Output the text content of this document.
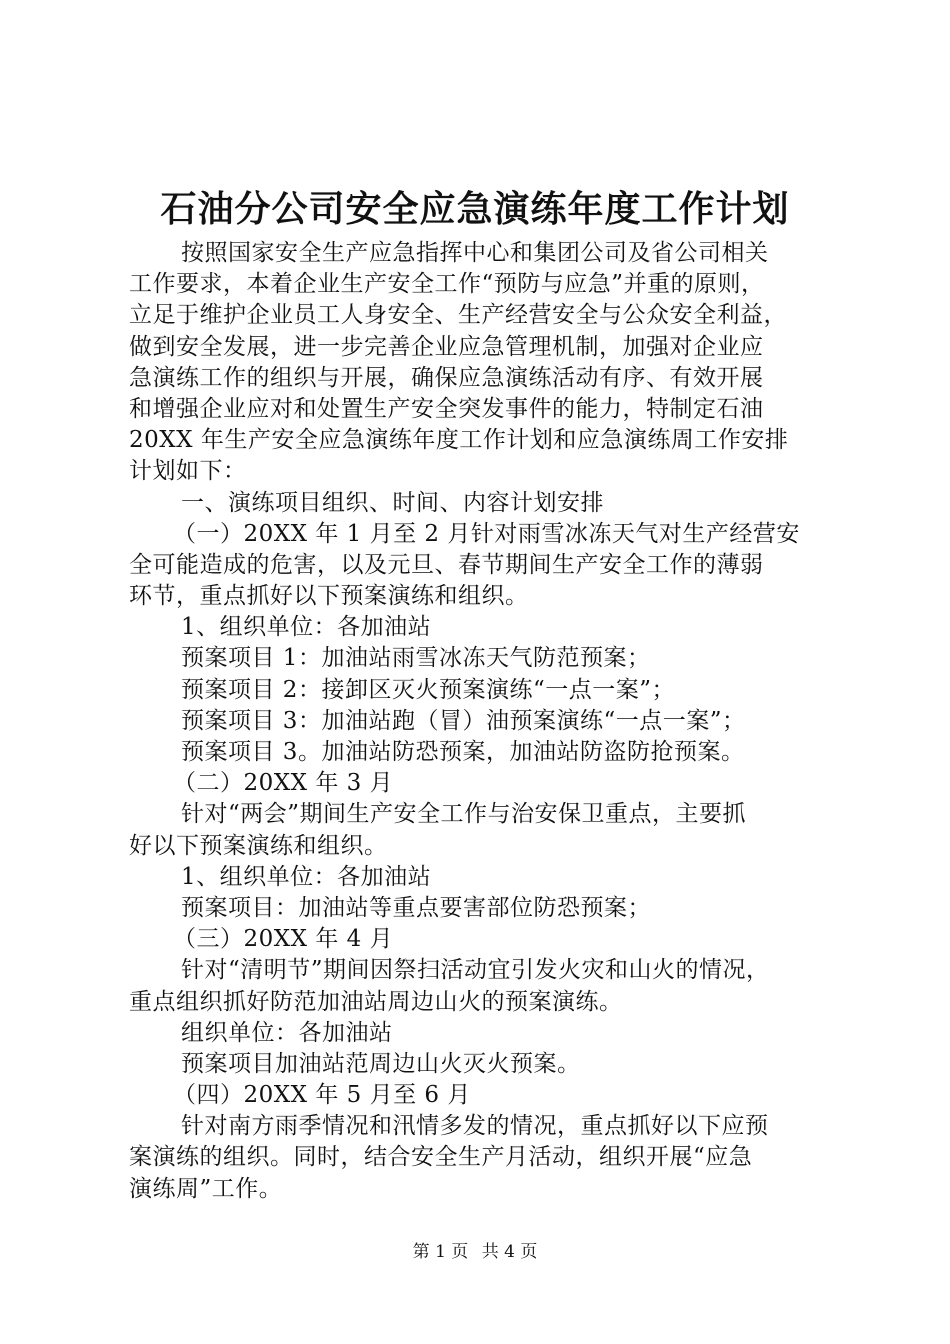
石油分公司安全应急演练年度工作计划
按照国家安全生产应急指挥中心和集团公司及省公司相关
工作要求，本着企业生产安全工作“预防与应急”并重的原则，
立足于维护企业员工人身安全、生产经营安全与公众安全利益，
做到安全发展，进一步完善企业应急管理机制，加强对企业应
急演练工作的组织与开展，确保应急演练活动有序、有效开展
和增强企业应对和处置生产安全突发事件的能力，特制定石油
20XX 年生产安全应急演练年度工作计划和应急演练周工作安排
计划如下：
一、演练项目组织、时间、内容计划安排
（一）20XX 年 1 月至 2 月针对雨雪冰冻天气对生产经营安
全可能造成的危害，以及元旦、春节期间生产安全工作的薄弱
环节，重点抓好以下预案演练和组织。
1、组织单位：各加油站
预案项目 1：加油站雨雪冰冻天气防范预案；
预案项目 2：接卸区灭火预案演练“一点一案”；
预案项目 3：加油站跑（冒）油预案演练“一点一案”；
预案项目 3。加油站防恐预案，加油站防盗防抢预案。
（二）20XX 年 3 月
针对“两会”期间生产安全工作与治安保卫重点，主要抓
好以下预案演练和组织。
1、组织单位：各加油站
预案项目：加油站等重点要害部位防恐预案；
（三）20XX 年 4 月
针对“清明节”期间因祭扫活动宜引发火灾和山火的情况，
重点组织抓好防范加油站周边山火的预案演练。
组织单位：各加油站
预案项目加油站范周边山火灭火预案。
（四）20XX 年 5 月至 6 月
针对南方雨季情况和汛情多发的情况，重点抓好以下应预
案演练的组织。同时，结合安全生产月活动，组织开展“应急
演练周”工作。
第 1 页 共 4 页
